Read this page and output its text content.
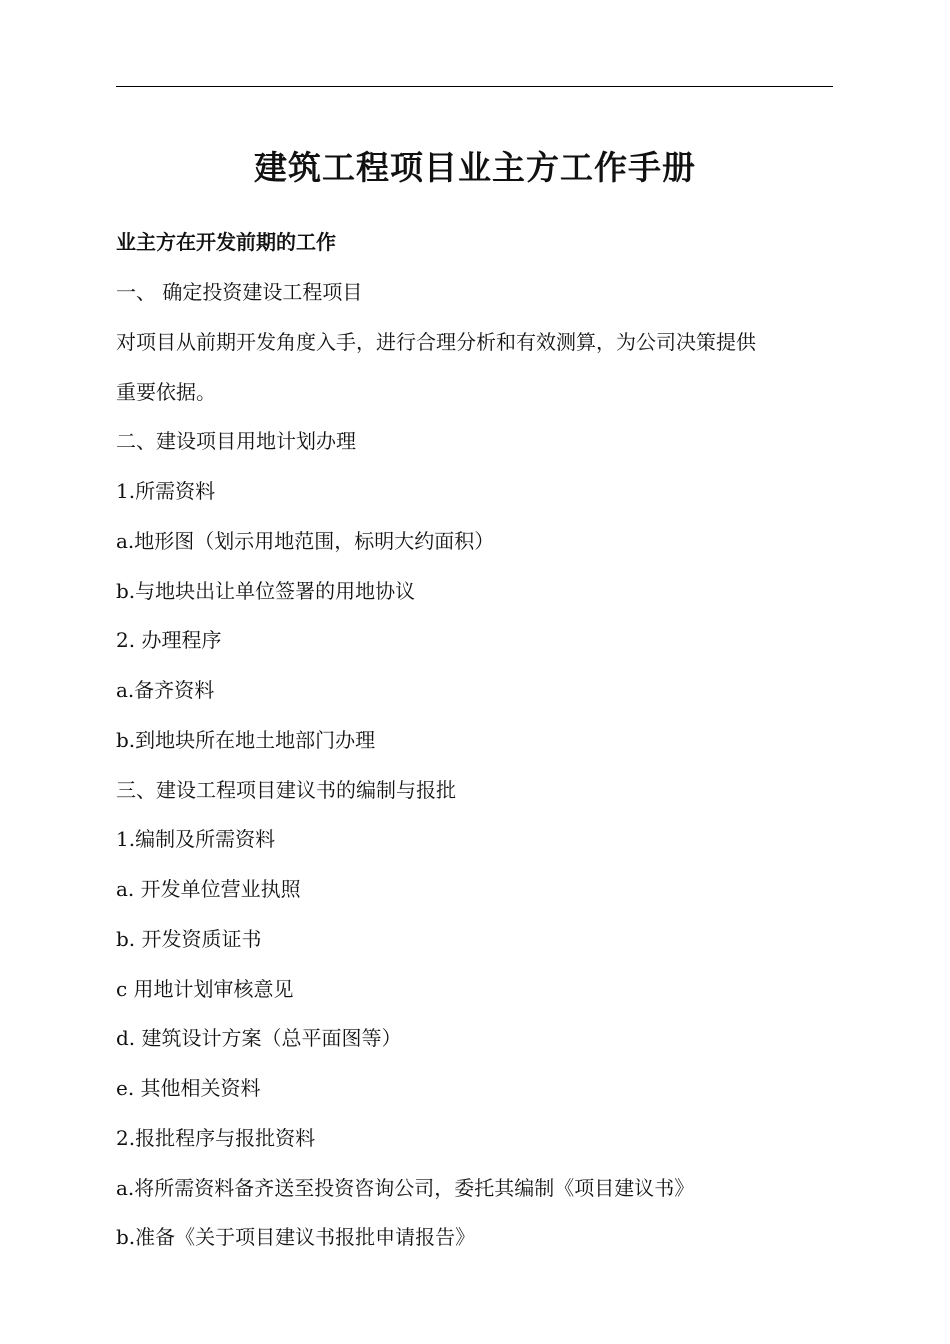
建筑工程项目业主方工作手册
业主方在开发前期的工作
一、 确定投资建设工程项目
对项目从前期开发角度入手，进行合理分析和有效测算，为公司决策提供
重要依据。
二、建设项目用地计划办理
1.所需资料
a.地形图（划示用地范围，标明大约面积）
b.与地块出让单位签署的用地协议
2. 办理程序
a.备齐资料
b.到地块所在地土地部门办理
三、建设工程项目建议书的编制与报批
1.编制及所需资料
a. 开发单位营业执照
b. 开发资质证书
c 用地计划审核意见
d. 建筑设计方案（总平面图等）
e. 其他相关资料
2.报批程序与报批资料
a.将所需资料备齐送至投资咨询公司，委托其编制《项目建议书》
b.准备《关于项目建议书报批申请报告》
